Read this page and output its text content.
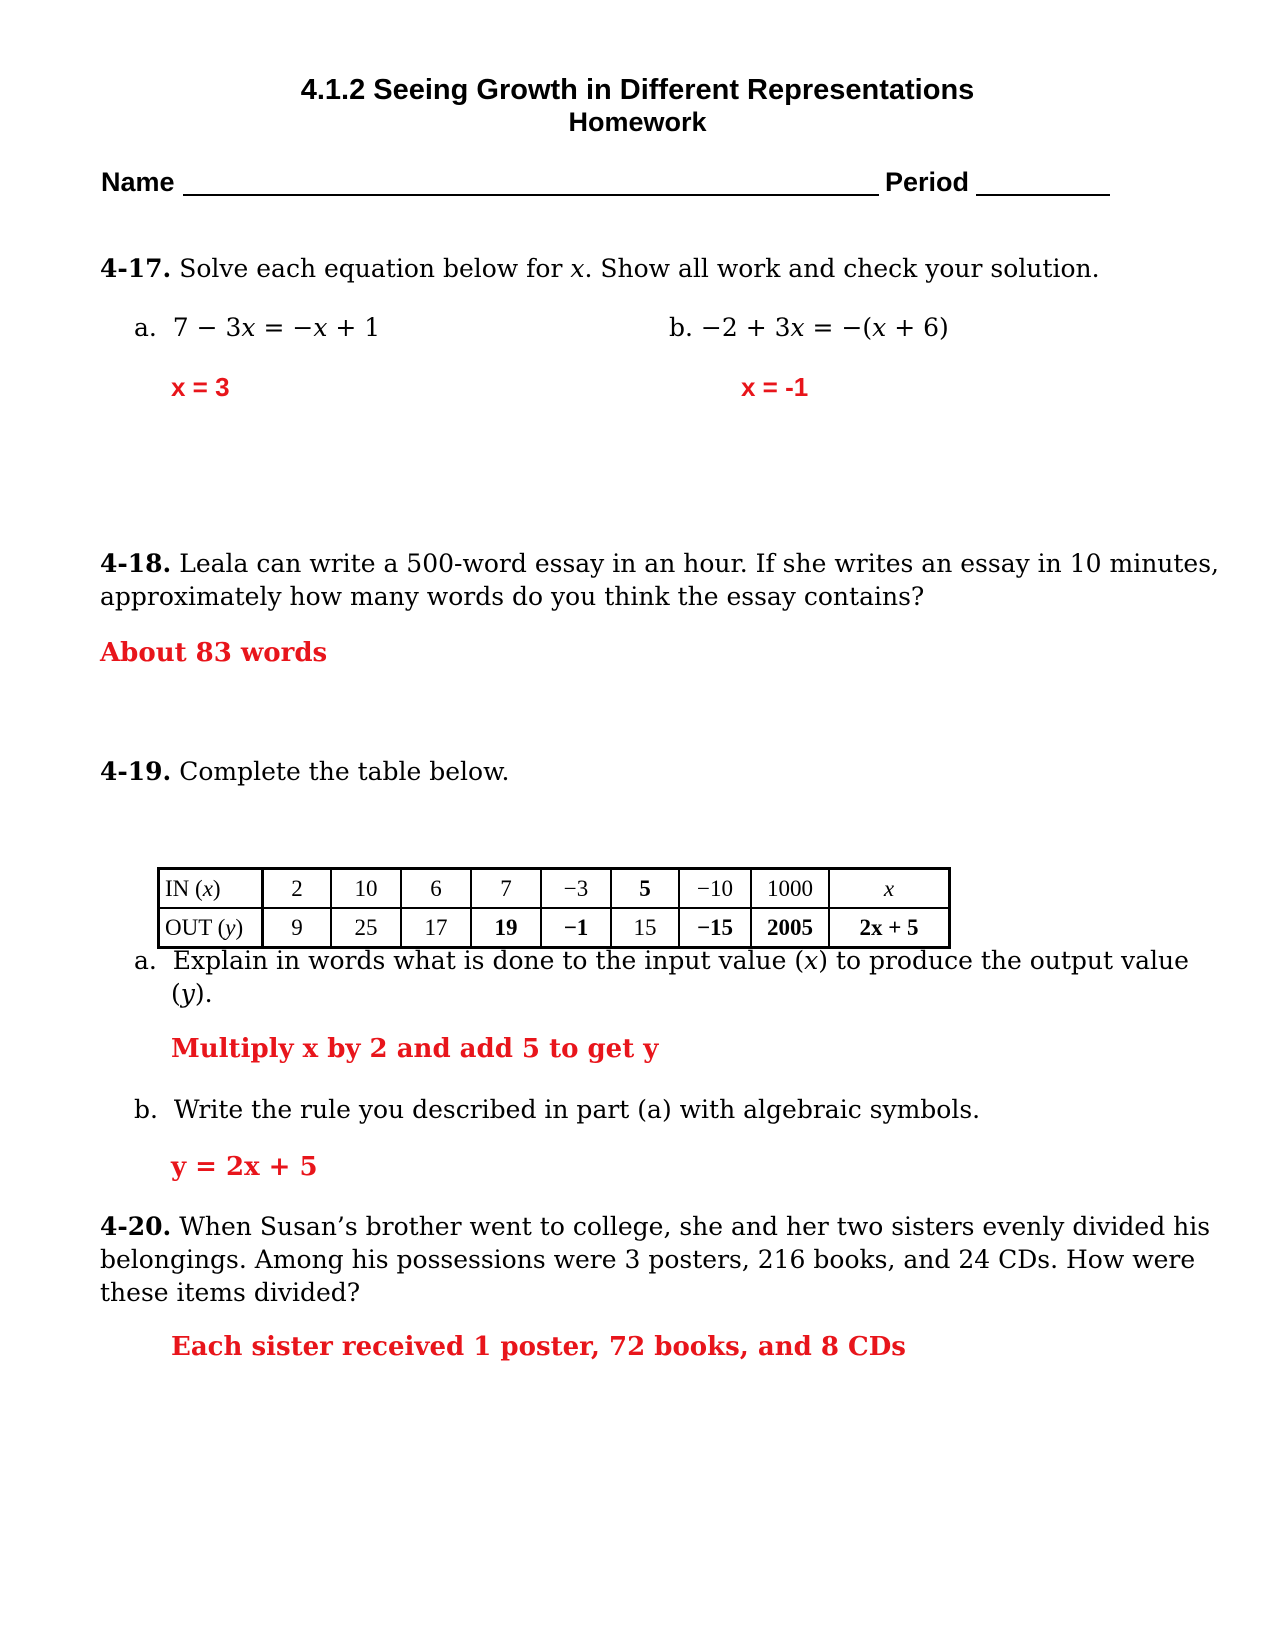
4.1.2 Seeing Growth in Different Representations
Homework
Name	Period
4-17. Solve each equation below for x. Show all work and check your solution.
a. 7 − 3x = −x + 1	b. −2 + 3x = −(x + 6)
x = 3	x = -1
4-18. Leala can write a 500-word essay in an hour. If she writes an essay in 10 minutes,
approximately how many words do you think the essay contains?
About 83 words
4-19. Complete the table below.
IN (x)	2	10	6	7	−3	5	−10	1000	x
OUT (y)	9	25	17	19	−1	15	−15	2005	2x + 5
a. Explain in words what is done to the input value (x) to produce the output value
(y).
Multiply x by 2 and add 5 to get y
b. Write the rule you described in part (a) with algebraic symbols.
y = 2x + 5
4-20. When Susan’s brother went to college, she and her two sisters evenly divided his
belongings. Among his possessions were 3 posters, 216 books, and 24 CDs. How were
these items divided?
Each sister received 1 poster, 72 books, and 8 CDs
